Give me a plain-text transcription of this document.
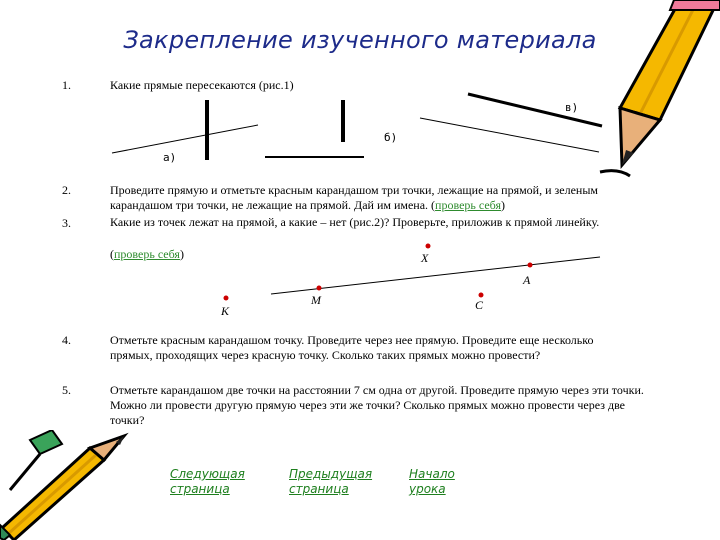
Закрепление изученного материала
1.	Какие прямые пересекаются (рис.1)
а)
б)
в)
2.	Проведите прямую и отметьте красным карандашом три точки, лежащие на прямой, и зеленым карандашом три точки, не лежащие на прямой. Дай им имена. (проверь себя)
3.	Какие из точек лежат на прямой, а какие – нет (рис.2)? Проверьте, приложив к прямой линейку.
(проверь себя)	X
A
M	C
K
4.	Отметьте красным карандашом точку. Проведите через нее прямую. Проведите еще несколько прямых, проходящих через красную точку. Сколько таких прямых можно провести?
5.	Отметьте карандашом две точки на расстоянии 7 см одна от другой. Проведите прямую через эти точки. Можно ли провести другую прямую через эти же точки? Сколько прямых можно провести через две точки?
Следующая
страница
Предыдущая
страница
Начало
урока
